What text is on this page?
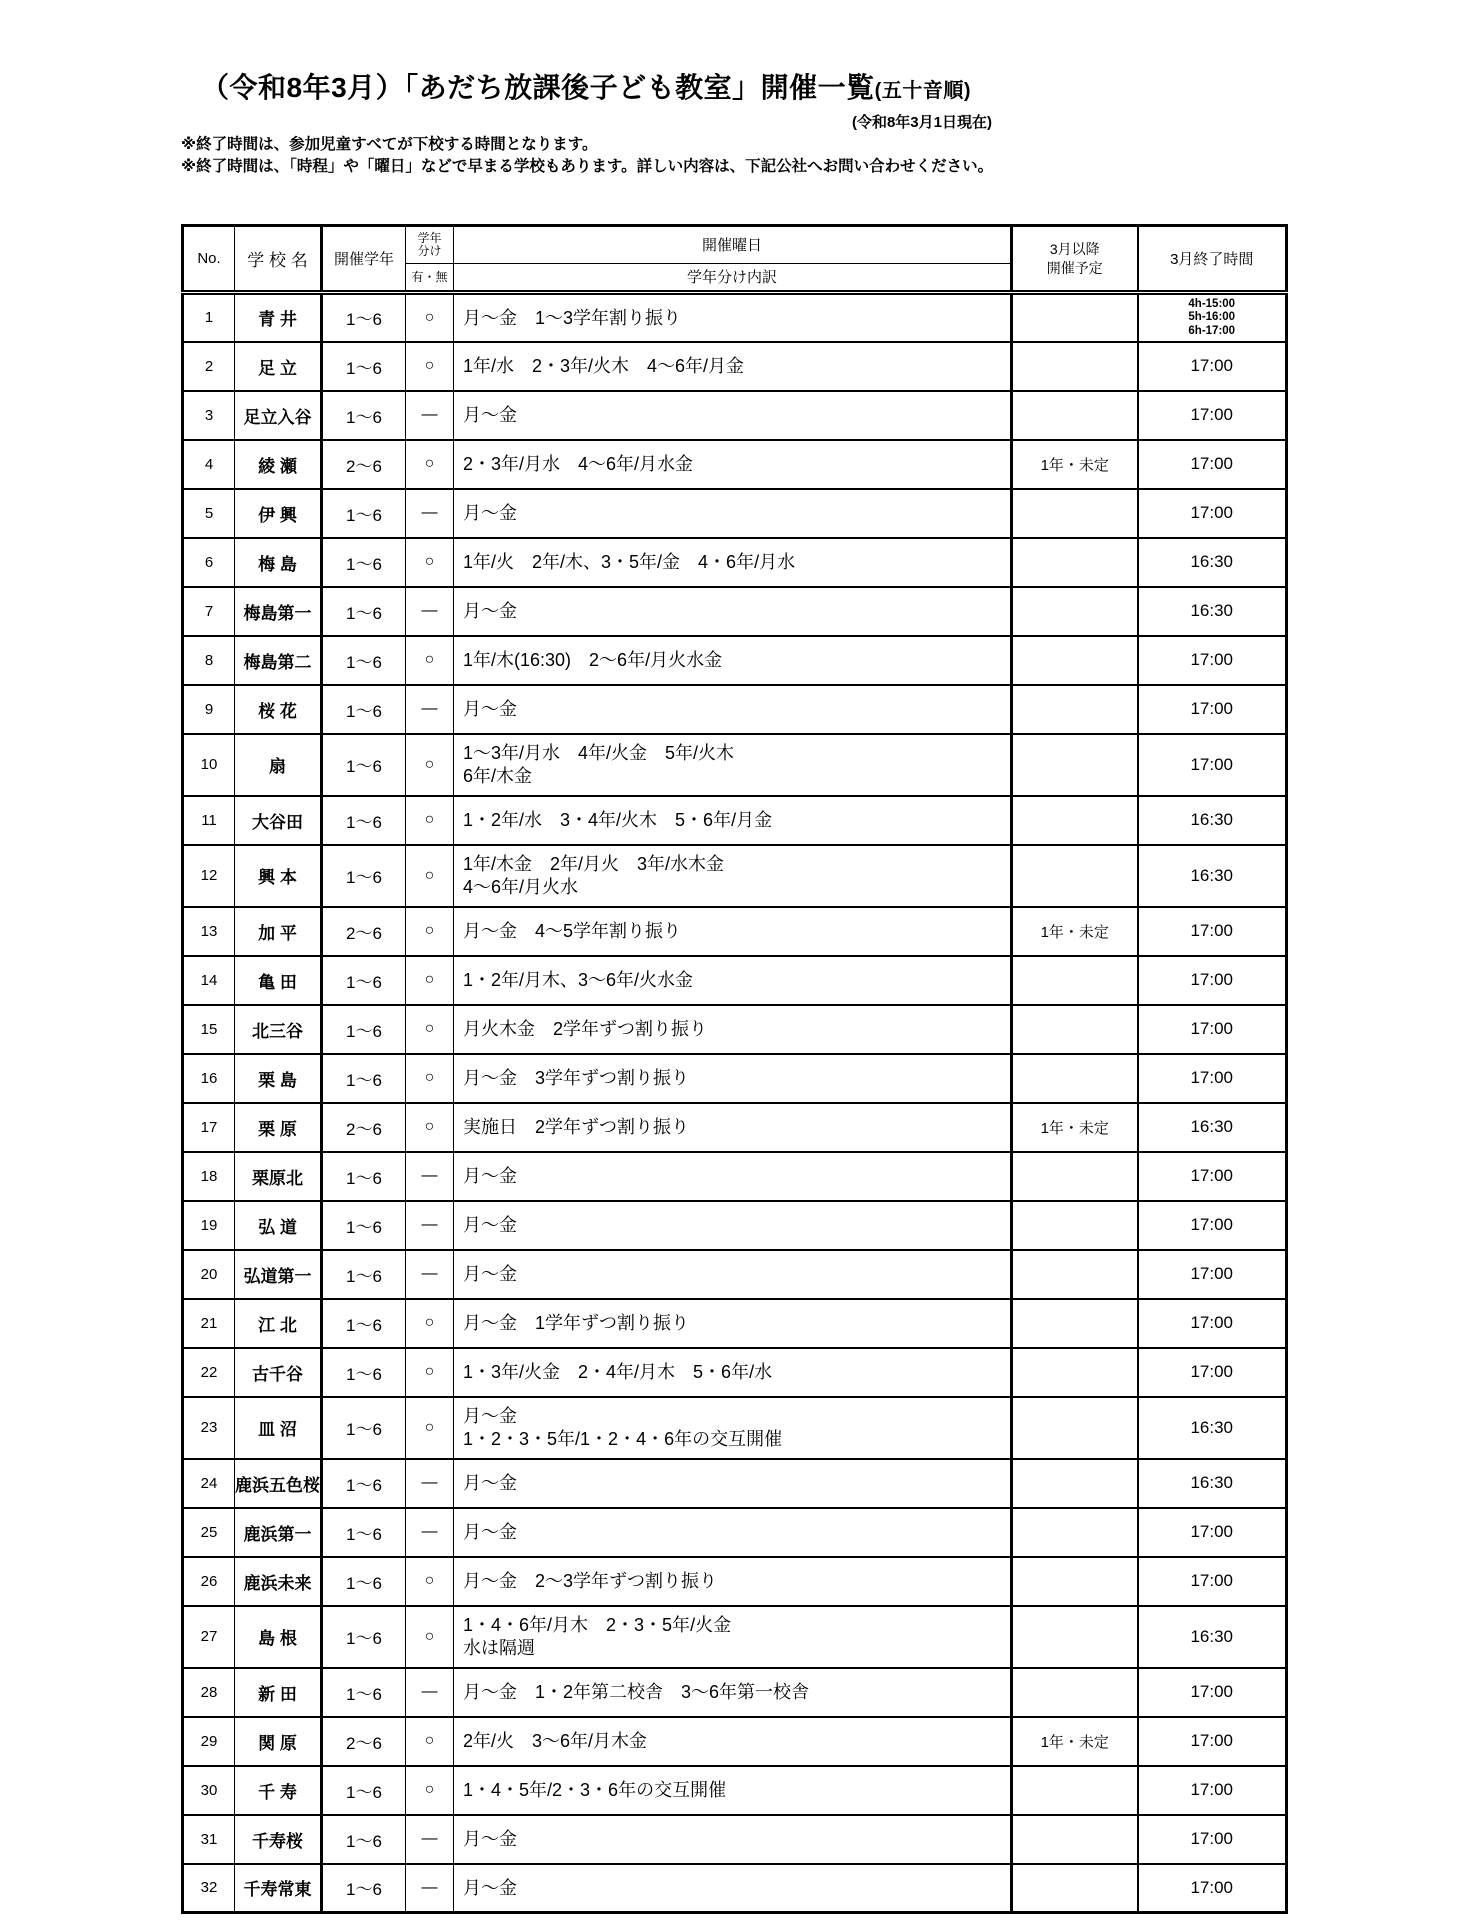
（令和8年3月）「あだち放課後子ども教室」開催一覧(五十音順)
(令和8年3月1日現在)
※終了時間は、参加児童すべてが下校する時間となります。
※終了時間は、「時程」や「曜日」などで早まる学校もあります。詳しい内容は、下記公社へお問い合わせください。
No.	学 校 名	開催学年	
学年
分け
有・無

開催曜日
学年分け内訳

3月以降
開催予定	3月終了時間
1	青 井	1～6	○	月～金　1～3学年割り振り		4h-15:00
5h-16:00
6h-17:00

2	足 立	1～6	○	1年/水　2・3年/火木　4～6年/月金		17:00
3	足立入谷	1～6	―	月～金		17:00
4	綾 瀬	2～6	○	2・3年/月水　4～6年/月水金	1年・未定	17:00
5	伊 興	1～6	―	月～金		17:00
6	梅 島	1～6	○	1年/火　2年/木、3・5年/金　4・6年/月水		16:30
7	梅島第一	1～6	―	月～金		16:30
8	梅島第二	1～6	○	1年/木(16:30)　2～6年/月火水金		17:00
9	桜 花	1～6	―	月～金		17:00
10	扇	1～6	○	1～3年/月水　4年/火金　5年/火木
6年/木金		17:00
11	大谷田	1～6	○	1・2年/水　3・4年/火木　5・6年/月金		16:30
12	興 本	1～6	○	1年/木金　2年/月火　3年/水木金
4～6年/月火水		16:30
13	加 平	2～6	○	月～金　4～5学年割り振り	1年・未定	17:00
14	亀 田	1～6	○	1・2年/月木、3～6年/火水金		17:00
15	北三谷	1～6	○	月火木金　2学年ずつ割り振り		17:00
16	栗 島	1～6	○	月～金　3学年ずつ割り振り		17:00
17	栗 原	2～6	○	実施日　2学年ずつ割り振り	1年・未定	16:30
18	栗原北	1～6	―	月～金		17:00
19	弘 道	1～6	―	月～金		17:00
20	弘道第一	1～6	―	月～金		17:00
21	江 北	1～6	○	月～金　1学年ずつ割り振り		17:00
22	古千谷	1～6	○	1・3年/火金　2・4年/月木　5・6年/水		17:00
23	皿 沼	1～6	○	月～金
1・2・3・5年/1・2・4・6年の交互開催		16:30
24	鹿浜五色桜	1～6	―	月～金		16:30
25	鹿浜第一	1～6	―	月～金		17:00
26	鹿浜未来	1～6	○	月～金　2～3学年ずつ割り振り		17:00
27	島 根	1～6	○	1・4・6年/月木　2・3・5年/火金
水は隔週		16:30
28	新 田	1～6	―	月～金　1・2年第二校舎　3～6年第一校舎		17:00
29	関 原	2～6	○	2年/火　3～6年/月木金	1年・未定	17:00
30	千 寿	1～6	○	1・4・5年/2・3・6年の交互開催		17:00
31	千寿桜	1～6	―	月～金		17:00
32	千寿常東	1～6	―	月～金		17:00
